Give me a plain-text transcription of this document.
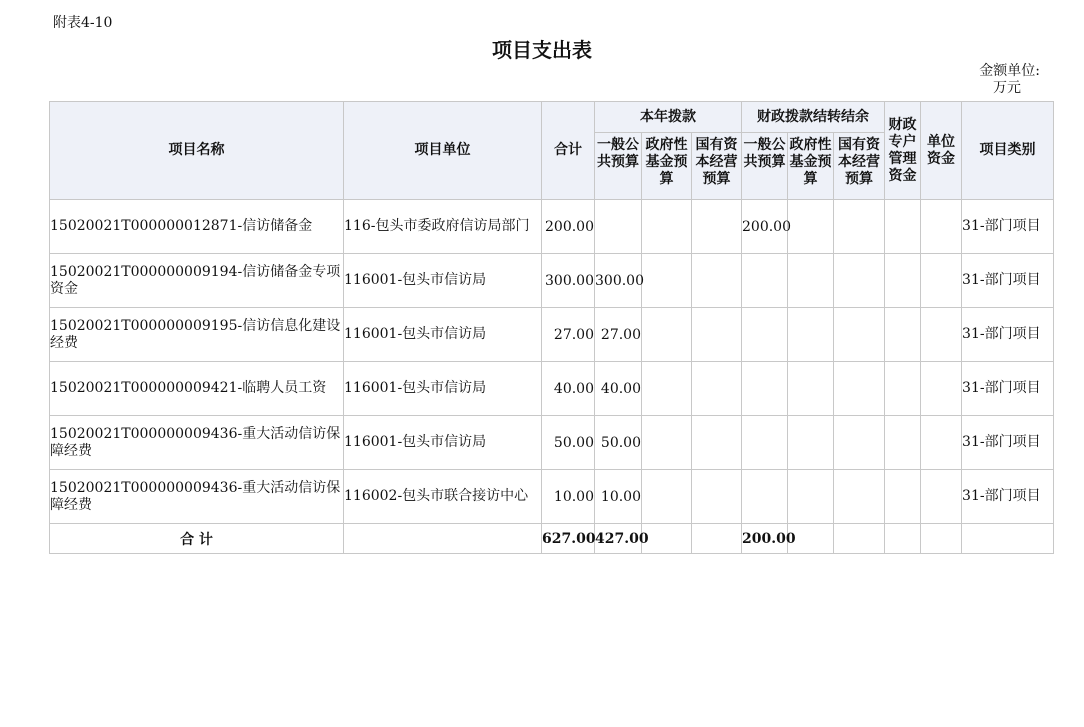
附表4-10
项目支出表
金额单位:
万元
项目名称	项目单位	合计	本年拨款			财政拨款结转结余			财政专户管理资金	单位资金	项目类别

			一般公共预算	政府性基金预算	国有资本经营预算	一般公共预算	政府性基金预算	国有资本经营预算			

15020021T000000012871-信访储备金	116-包头市委政府信访局部门	200.00				200.00					31-部门项目
15020021T000000009194-信访储备金专项资金	116001-包头市信访局	300.00	300.00								31-部门项目
15020021T000000009195-信访信息化建设经费	116001-包头市信访局	27.00	27.00								31-部门项目
15020021T000000009421-临聘人员工资	116001-包头市信访局	40.00	40.00								31-部门项目
15020021T000000009436-重大活动信访保障经费	116001-包头市信访局	50.00	50.00								31-部门项目
15020021T000000009436-重大活动信访保障经费	116002-包头市联合接访中心	10.00	10.00								31-部门项目
合 计		627.00	427.00			200.00					
